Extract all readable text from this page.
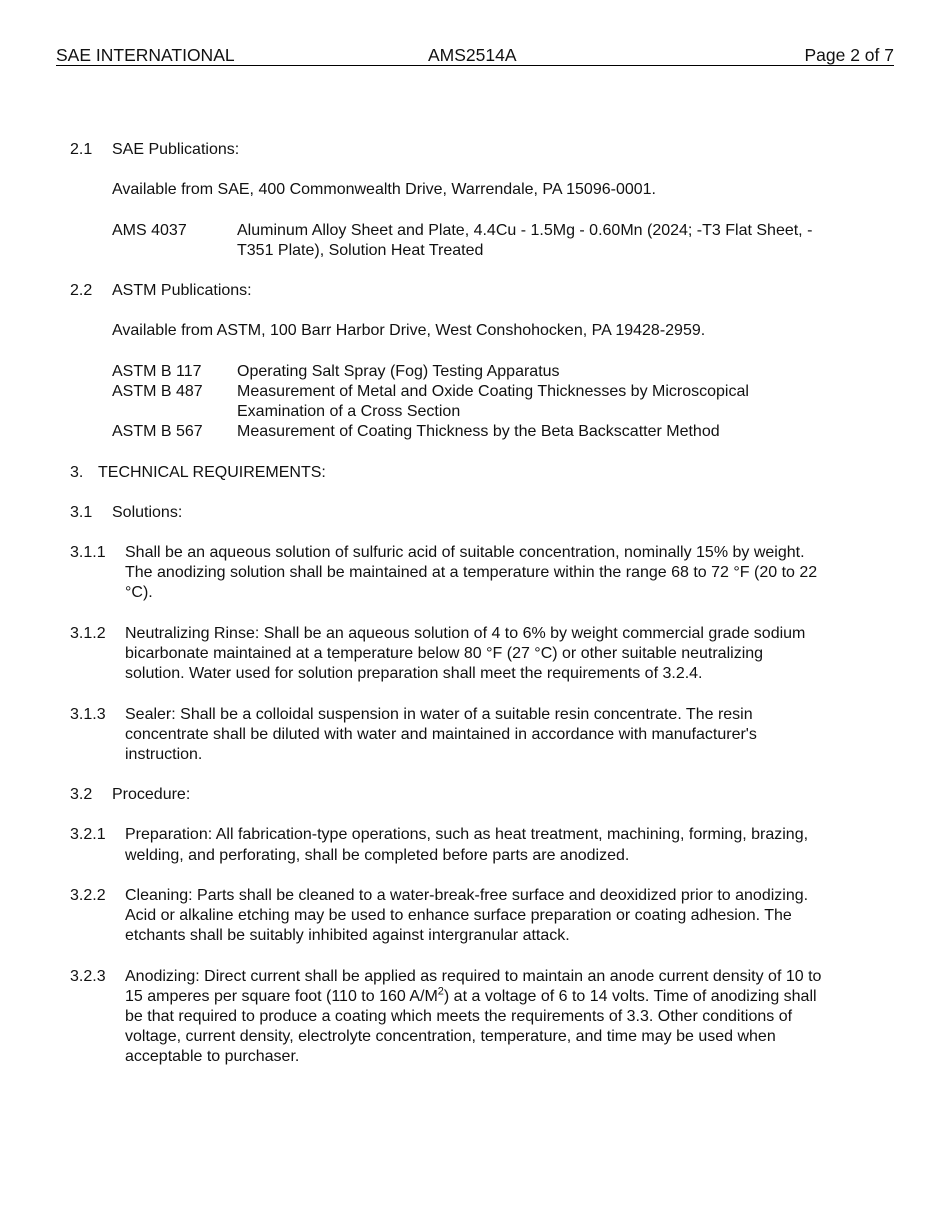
SAE INTERNATIONAL	AMS2514A	Page 2 of 7
2.1 SAE Publications:
Available from SAE, 400 Commonwealth Drive, Warrendale, PA 15096-0001.
AMS 4037	Aluminum Alloy Sheet and Plate, 4.4Cu - 1.5Mg - 0.60Mn (2024; -T3 Flat Sheet, -
T351 Plate), Solution Heat Treated
2.2 ASTM Publications:
Available from ASTM, 100 Barr Harbor Drive, West Conshohocken, PA 19428-2959.
ASTM B 117 Operating Salt Spray (Fog) Testing Apparatus
ASTM B 487 Measurement of Metal and Oxide Coating Thicknesses by Microscopical
Examination of a Cross Section
ASTM B 567 Measurement of Coating Thickness by the Beta Backscatter Method
3. TECHNICAL REQUIREMENTS:
3.1 Solutions:
3.1.1 Shall be an aqueous solution of sulfuric acid of suitable concentration, nominally 15% by weight.
The anodizing solution shall be maintained at a temperature within the range 68 to 72 °F (20 to 22
°C).
3.1.2 Neutralizing Rinse: Shall be an aqueous solution of 4 to 6% by weight commercial grade sodium
bicarbonate maintained at a temperature below 80 °F (27 °C) or other suitable neutralizing
solution. Water used for solution preparation shall meet the requirements of 3.2.4.
3.1.3 Sealer: Shall be a colloidal suspension in water of a suitable resin concentrate. The resin
concentrate shall be diluted with water and maintained in accordance with manufacturer's
instruction.
3.2 Procedure:
3.2.1 Preparation: All fabrication-type operations, such as heat treatment, machining, forming, brazing,
welding, and perforating, shall be completed before parts are anodized.
3.2.2 Cleaning: Parts shall be cleaned to a water-break-free surface and deoxidized prior to anodizing.
Acid or alkaline etching may be used to enhance surface preparation or coating adhesion. The
etchants shall be suitably inhibited against intergranular attack.
3.2.3 Anodizing: Direct current shall be applied as required to maintain an anode current density of 10 to
15 amperes per square foot (110 to 160 $A/M^2$) at a voltage of 6 to 14 volts. Time of anodizing shall
be that required to produce a coating which meets the requirements of 3.3. Other conditions of
voltage, current density, electrolyte concentration, temperature, and time may be used when
acceptable to purchaser.
